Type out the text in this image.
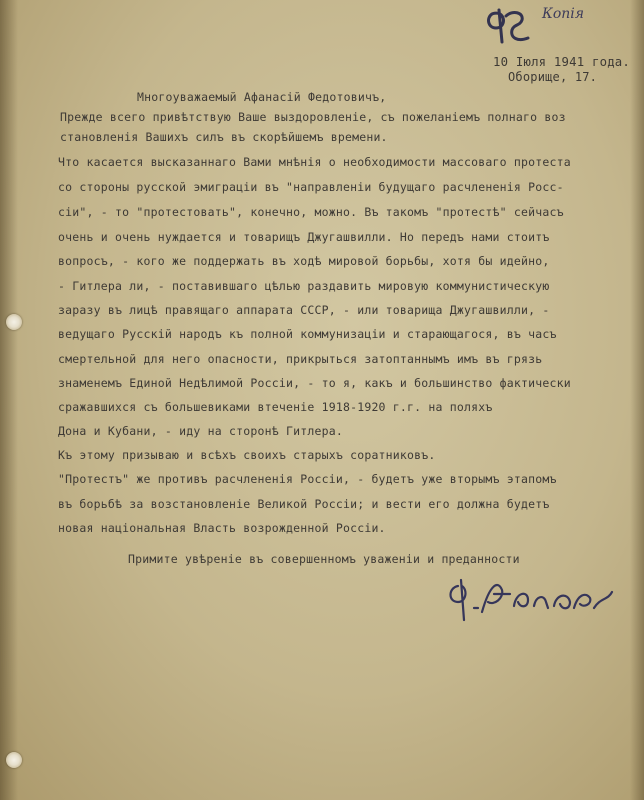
Копія
10 Іюля 1941 года.
Оборище, 17.
Многоуважаемый Афанасій Федотовичъ,
Прежде всего привѣтствую Ваше выздоровленіе, съ пожеланіемъ полнаго воз
становленія Вашихъ силъ въ скорѣйшемъ времени.
Что касается высказаннаго Вами мнѣнія о необходимости массоваго протеста
со стороны русской эмиграціи въ "направленіи будущаго расчлененія Росс-
сіи", - то "протестовать", конечно, можно. Въ такомъ "протестѣ" сейчасъ
очень и очень нуждается и товарищъ Джугашвилли. Но передъ нами стоитъ
вопросъ, - кого же поддержать въ ходѣ мировой борьбы, хотя бы идейно,
- Гитлера ли, - поставившаго цѣлью раздавить мировую коммунистическую
заразу въ лицѣ правящаго аппарата СССР, - или товарища Джугашвилли, -
ведущаго Русскій народъ къ полной коммунизаціи и старающагося, въ часъ
смертельной для него опасности, прикрыться затоптаннымъ имъ въ грязь
знаменемъ Единой Недѣлимой Россіи, - то я, какъ и большинство фактически
сражавшихся съ большевиками втеченіе 1918-1920 г.г. на поляхъ
Дона и Кубани, - иду на сторонѣ Гитлера.
Къ этому призываю и всѣхъ своихъ старыхъ соратниковъ.
"Протестъ" же противъ расчлененія Россіи, - будетъ уже вторымъ этапомъ
въ борьбѣ за возстановленіе Великой Россіи; и вести его должна будетъ
новая національная Власть возрожденной Россіи.
Примите увѣреніе въ совершенномъ уваженіи и преданности
